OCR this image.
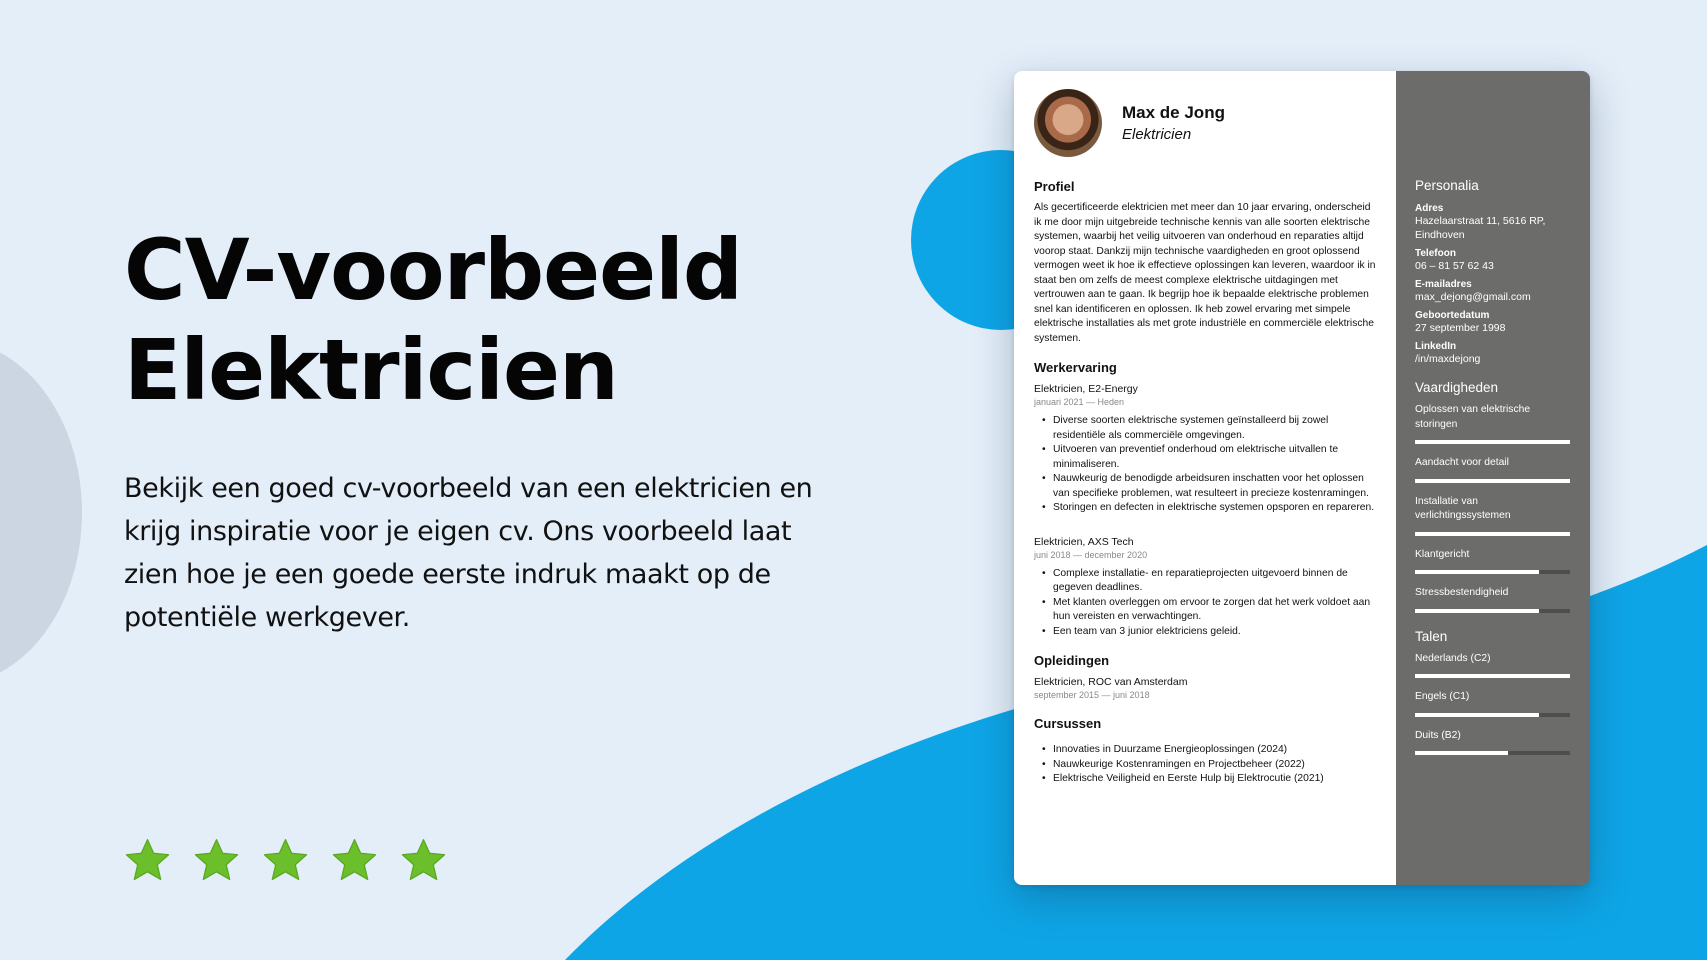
CV-voorbeeld
Elektricien

Bekijk een goed cv-voorbeeld van een elektricien en krijg inspiratie voor je eigen cv. Ons voorbeeld laat zien hoe je een goede eerste indruk maakt op de potentiële werkgever.

Max de Jong
Elektricien
Profiel

Als gecertificeerde elektricien met meer dan 10 jaar ervaring, onderscheid ik me door mijn uitgebreide technische kennis van alle soorten elektrische systemen, waarbij het veilig uitvoeren van onderhoud en reparaties altijd voorop staat. Dankzij mijn technische vaardigheden en groot oplossend vermogen weet ik hoe ik effectieve oplossingen kan leveren, waardoor ik in staat ben om zelfs de meest complexe elektrische uitdagingen met vertrouwen aan te gaan. Ik begrijp hoe ik bepaalde elektrische problemen snel kan identificeren en oplossen. Ik heb zowel ervaring met simpele elektrische installaties als met grote industriële en commerciële elektrische systemen.

Werkervaring
Elektricien, E2-Energy
januari 2021 — Heden
• Diverse soorten elektrische systemen geïnstalleerd bij zowel residentiële als commerciële omgevingen.
• Uitvoeren van preventief onderhoud om elektrische uitvallen te minimaliseren.
• Nauwkeurig de benodigde arbeidsuren inschatten voor het oplossen van specifieke problemen, wat resulteert in precieze kostenramingen.
• Storingen en defecten in elektrische systemen opsporen en repareren.
Elektricien, AXS Tech
juni 2018 — december 2020
• Complexe installatie- en reparatieprojecten uitgevoerd binnen de gegeven deadlines.
• Met klanten overleggen om ervoor te zorgen dat het werk voldoet aan hun vereisten en verwachtingen.
• Een team van 3 junior elektriciens geleid.
Opleidingen
Elektricien, ROC van Amsterdam
september 2015 — juni 2018
Cursussen
• Innovaties in Duurzame Energieoplossingen (2024)
• Nauwkeurige Kostenramingen en Projectbeheer (2022)
• Elektrische Veiligheid en Eerste Hulp bij Elektrocutie (2021)
Personalia
Adres
Hazelaarstraat 11, 5616 RP, Eindhoven
Telefoon
06 – 81 57 62 43
E-mailadres
max_dejong@gmail.com
Geboortedatum
27 september 1998
LinkedIn
/in/maxdejong
Vaardigheden
Oplossen van elektrische storingen
Aandacht voor detail
Installatie van verlichtingssystemen
Klantgericht
Stressbestendigheid
Talen
Nederlands (C2)
Engels (C1)
Duits (B2)
